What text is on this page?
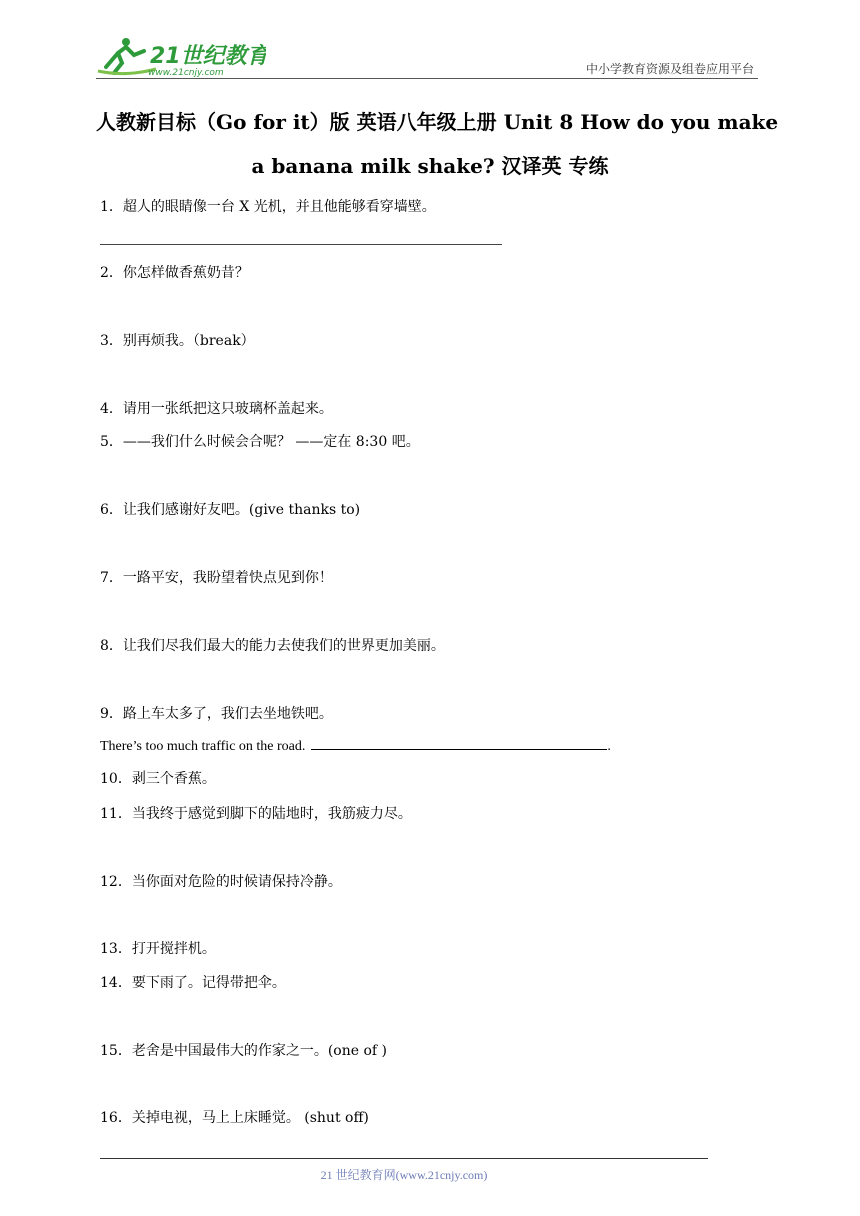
21世纪教育
www.21cnjy.com	中小学教育资源及组卷应用平台
人教新目标（Go for it）版 英语八年级上册 Unit 8 How do you make
a banana milk shake? 汉译英 专练
1．超人的眼睛像一台 X 光机，并且他能够看穿墙壁。
2．你怎样做香蕉奶昔？
3．别再烦我。（break）
4．请用一张纸把这只玻璃杯盖起来。
5．——我们什么时候会合呢？ ——定在 8:30 吧。
6．让我们感谢好友吧。(give thanks to)
7．一路平安，我盼望着快点见到你！
8．让我们尽我们最大的能力去使我们的世界更加美丽。
9．路上车太多了，我们去坐地铁吧。
There’s too much traffic on the road.	.
10．剥三个香蕉。
11．当我终于感觉到脚下的陆地时，我筋疲力尽。
12．当你面对危险的时候请保持冷静。
13．打开搅拌机。
14．要下雨了。记得带把伞。
15．老舍是中国最伟大的作家之一。(one of )
16．关掉电视，马上上床睡觉。 (shut off)
21 世纪教育网(www.21cnjy.com)
